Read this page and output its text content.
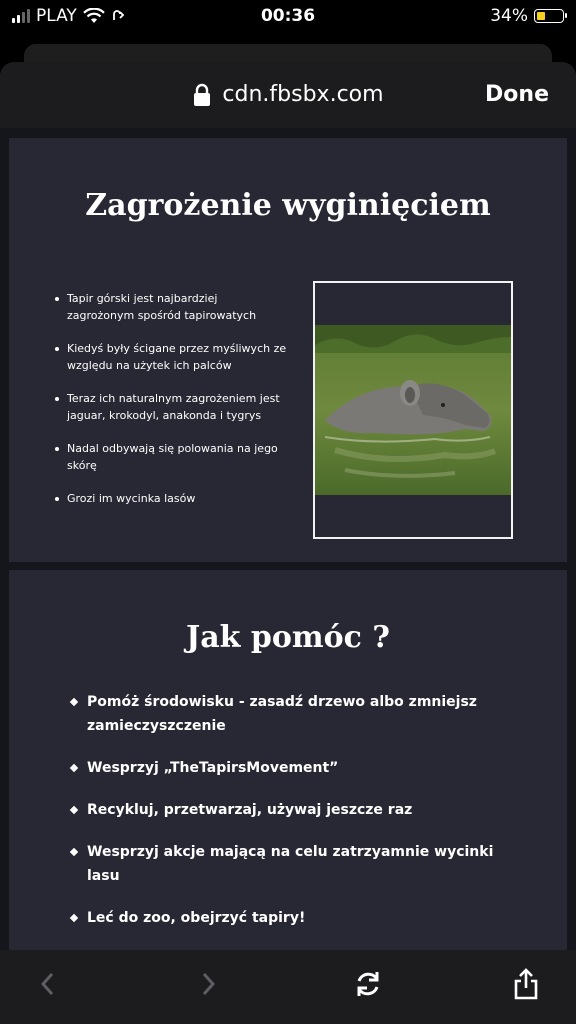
PLAY	00:36	34%
cdn.fbsbx.com	Done
Zagrożenie wyginięciem
Tapir górski jest najbardziej zagrożonym spośród tapirowatych
Kiedyś były ścigane przez myśliwych ze względu na użytek ich palców
Teraz ich naturalnym zagrożeniem jest jaguar, krokodyl, anakonda i tygrys
Nadal odbywają się polowania na jego skórę
Grozi im wycinka lasów
Jak pomóc ?
Pomóż środowisku - zasadź drzewo albo zmniejsz zamieczyszczenie
Wesprzyj „TheTapirsMovement”
Recykluj, przetwarzaj, używaj jeszcze raz
Wesprzyj akcje mającą na celu zatrzyamnie wycinki lasu
Leć do zoo, obejrzyć tapiry!
